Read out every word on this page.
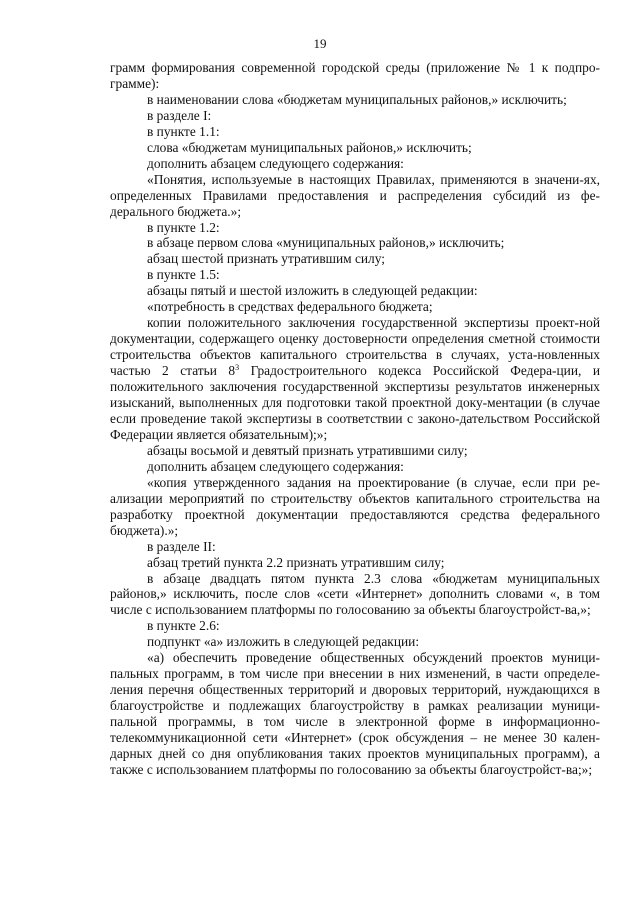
19

грамм формирования современной городской среды (приложение № 1 к подпро-граммe):

в наименовании слова «бюджетам муниципальных районов,» исключить;

в разделе I:

в пункте 1.1:

слова «бюджетам муниципальных районов,» исключить;

дополнить абзацем следующего содержания:

«Понятия, используемые в настоящих Правилах, применяются в значени-ях, определенных Правилами предоставления и распределения субсидий из фе-дерального бюджета.»;

в пункте 1.2:

в абзаце первом слова «муниципальных районов,» исключить;

абзац шестой признать утратившим силу;

в пункте 1.5:

абзацы пятый и шестой изложить в следующей редакции:

«потребность в средствах федерального бюджета;

копии положительного заключения государственной экспертизы проект-ной документации, содержащего оценку достоверности определения сметной стоимости строительства объектов капитального строительства в случаях, уста-новленных частью 2 статьи $8^3$ Градостроительного кодекса Российской Федера-ции, и положительного заключения государственной экспертизы результатов инженерных изысканий, выполненных для подготовки такой проектной доку-ментации (в случае если проведение такой экспертизы в соответствии с законо-дательством Российской Федерации является обязательным);»;

абзацы восьмой и девятый признать утратившими силу;

дополнить абзацем следующего содержания:

«копия утвержденного задания на проектирование (в случае, если при ре-ализации мероприятий по строительству объектов капитального строительства на разработку проектной документации предоставляются средства федерального бюджета).»;

в разделе II:

абзац третий пункта 2.2 признать утратившим силу;

в абзаце двадцать пятом пункта 2.3 слова «бюджетам муниципальных районов,» исключить, после слов «сети «Интернет» дополнить словами «, в том числе с использованием платформы по голосованию за объекты благоустройст-ва,»;

в пункте 2.6:

подпункт «а» изложить в следующей редакции:

«а) обеспечить проведение общественных обсуждений проектов муници-пальных программ, в том числе при внесении в них изменений, в части определе-ления перечня общественных территорий и дворовых территорий, нуждающихся в благоустройстве и подлежащих благоустройству в рамках реализации муници-пальной программы, в том числе в электронной форме в информационно-телекоммуникационной сети «Интернет» (срок обсуждения – не менее 30 кален-дарных дней со дня опубликования таких проектов муниципальных программ), а также с использованием платформы по голосованию за объекты благоустройст-ва;»;
